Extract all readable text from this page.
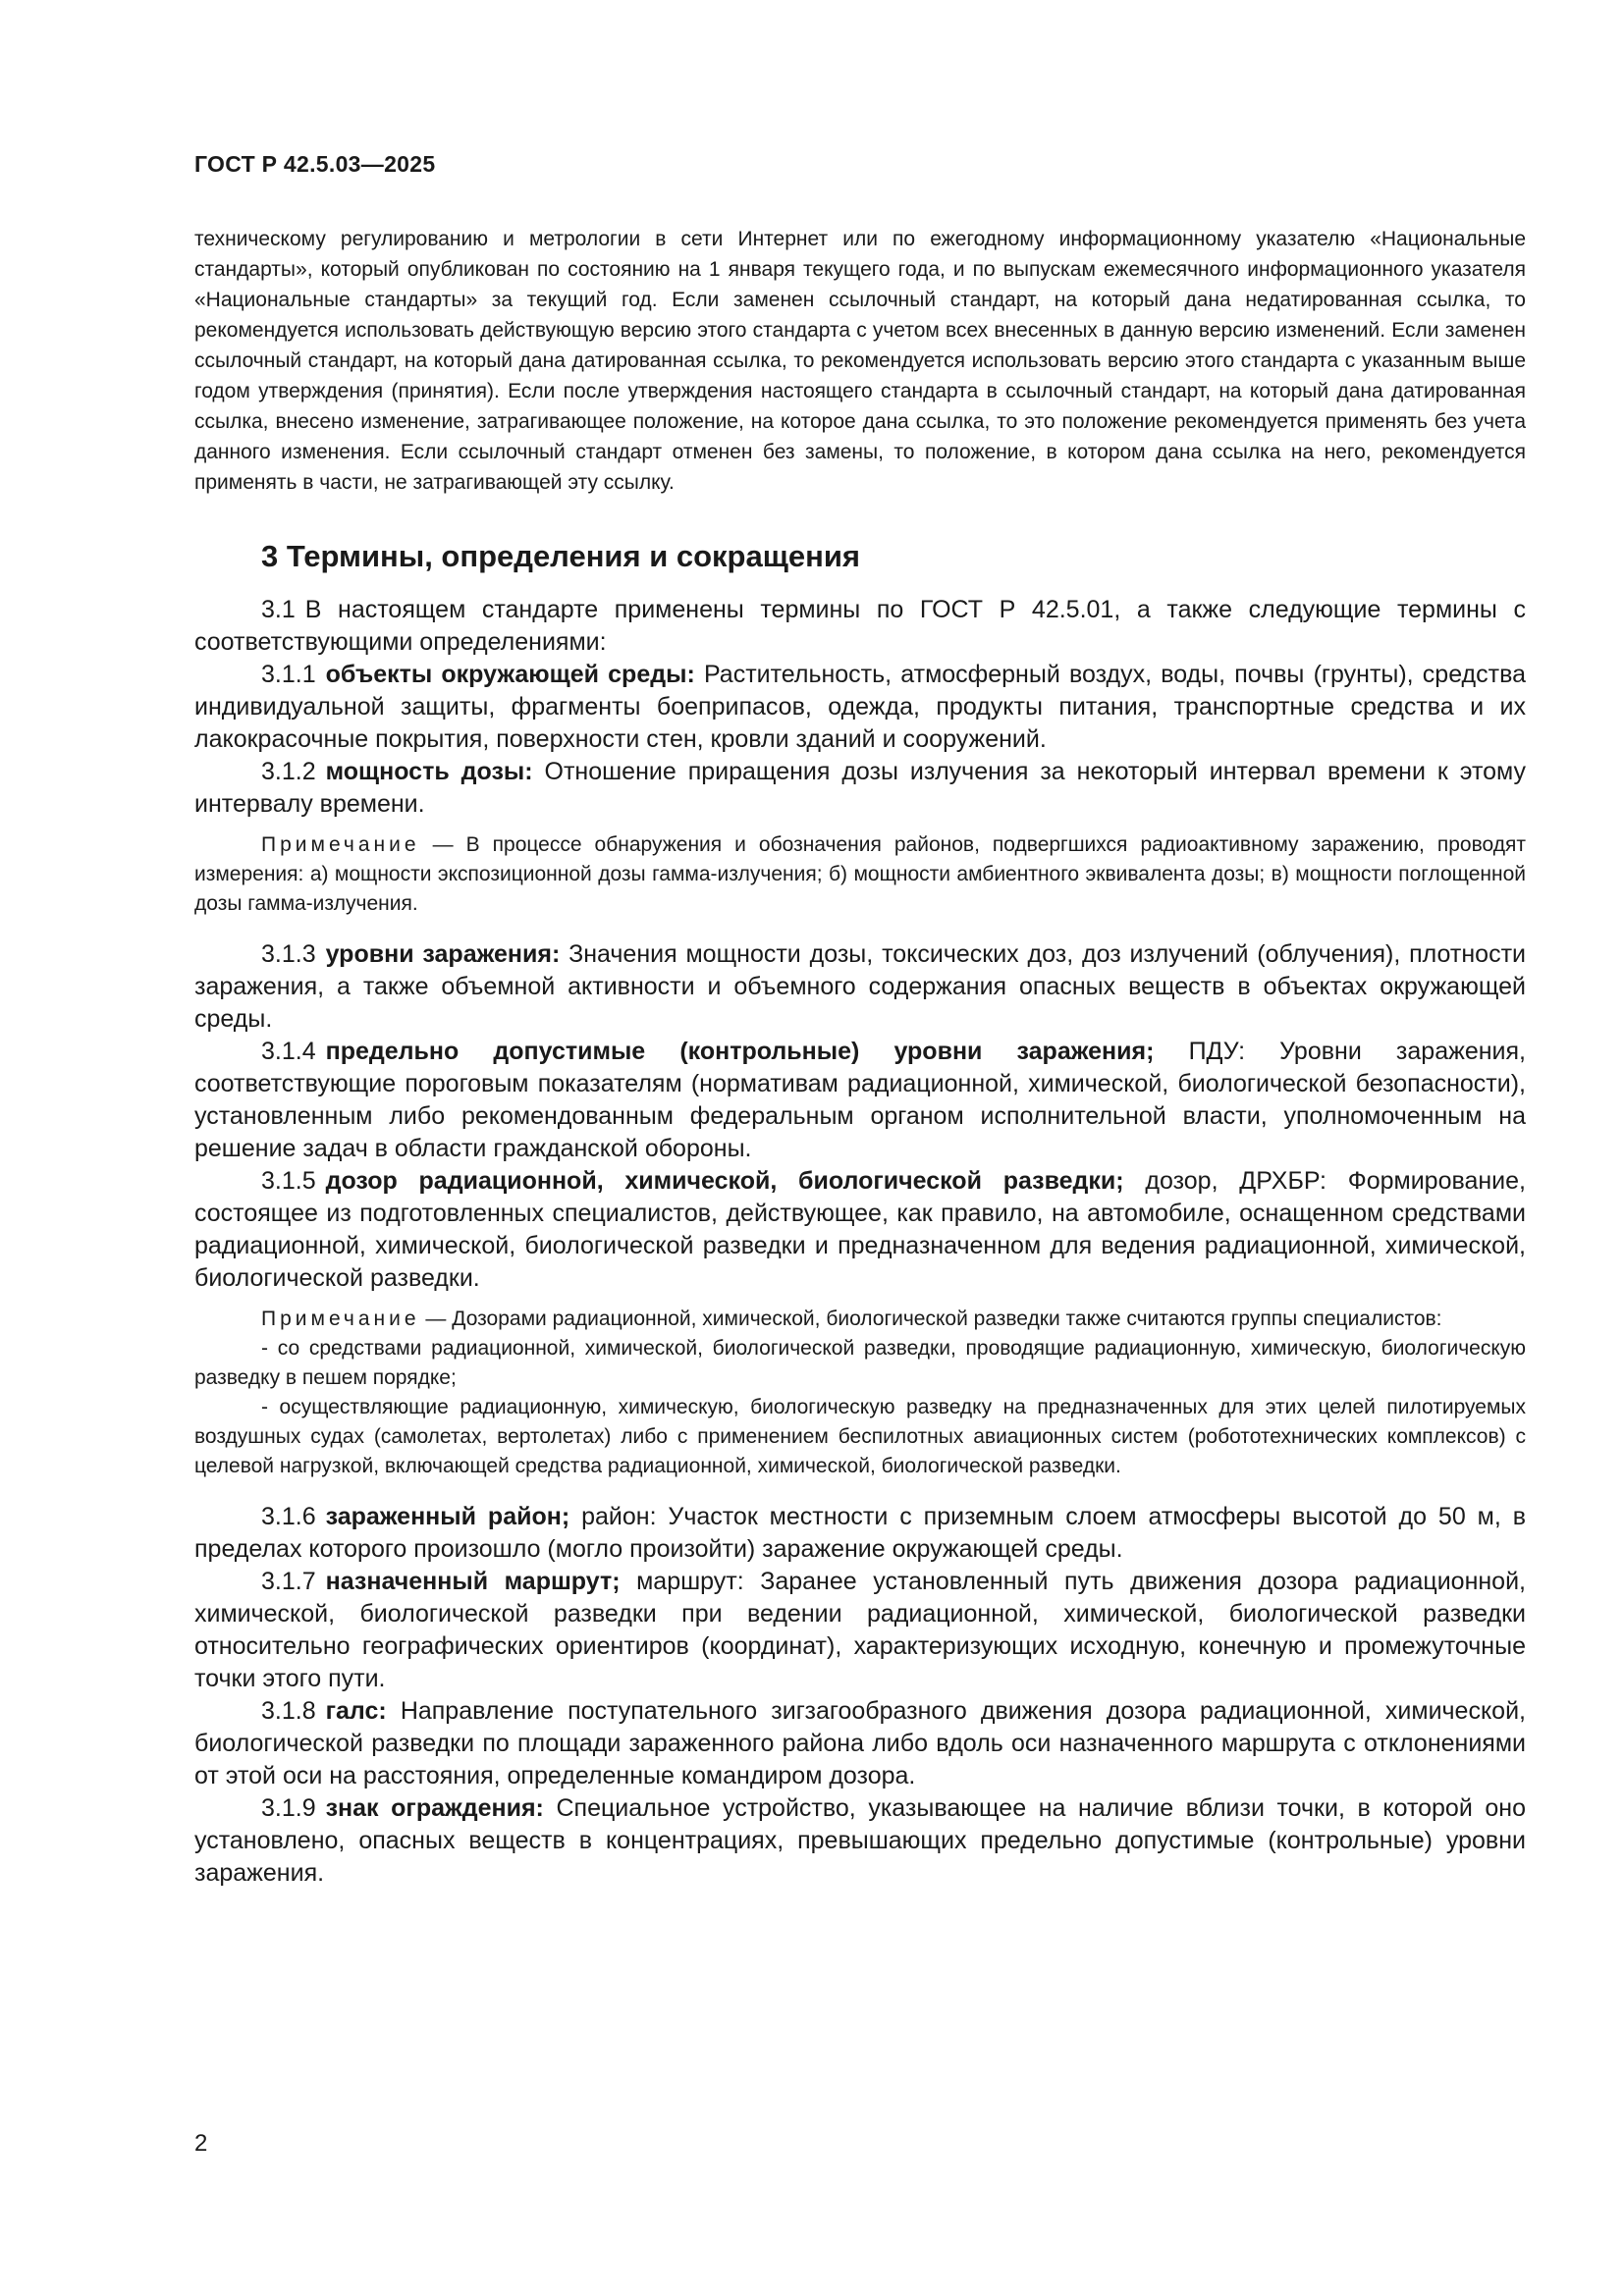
ГОСТ Р 42.5.03—2025

техническому регулированию и метрологии в сети Интернет или по ежегодному информационному указателю «Национальные стандарты», который опубликован по состоянию на 1 января текущего года, и по выпускам ежемесячного информационного указателя «Национальные стандарты» за текущий год. Если заменен ссылочный стандарт, на который дана недатированная ссылка, то рекомендуется использовать действующую версию этого стандарта с учетом всех внесенных в данную версию изменений. Если заменен ссылочный стандарт, на который дана датированная ссылка, то рекомендуется использовать версию этого стандарта с указанным выше годом утверждения (принятия). Если после утверждения настоящего стандарта в ссылочный стандарт, на который дана датированная ссылка, внесено изменение, затрагивающее положение, на которое дана ссылка, то это положение рекомендуется применять без учета данного изменения. Если ссылочный стандарт отменен без замены, то положение, в котором дана ссылка на него, рекомендуется применять в части, не затрагивающей эту ссылку.

3 Термины, определения и сокращения

3.1 В настоящем стандарте применены термины по ГОСТ Р 42.5.01, а также следующие термины с соответствующими определениями:

3.1.1 объекты окружающей среды: Растительность, атмосферный воздух, воды, почвы (грунты), средства индивидуальной защиты, фрагменты боеприпасов, одежда, продукты питания, транспортные средства и их лакокрасочные покрытия, поверхности стен, кровли зданий и сооружений.

3.1.2 мощность дозы: Отношение приращения дозы излучения за некоторый интервал времени к этому интервалу времени.

Примечание — В процессе обнаружения и обозначения районов, подвергшихся радиоактивному заражению, проводят измерения: а) мощности экспозиционной дозы гамма-излучения; б) мощности амбиентного эквивалента дозы; в) мощности поглощенной дозы гамма-излучения.

3.1.3 уровни заражения: Значения мощности дозы, токсических доз, доз излучений (облучения), плотности заражения, а также объемной активности и объемного содержания опасных веществ в объектах окружающей среды.

3.1.4 предельно допустимые (контрольные) уровни заражения; ПДУ: Уровни заражения, соответствующие пороговым показателям (нормативам радиационной, химической, биологической безопасности), установленным либо рекомендованным федеральным органом исполнительной власти, уполномоченным на решение задач в области гражданской обороны.

3.1.5 дозор радиационной, химической, биологической разведки; дозор, ДРХБР: Формирование, состоящее из подготовленных специалистов, действующее, как правило, на автомобиле, оснащенном средствами радиационной, химической, биологической разведки и предназначенном для ведения радиационной, химической, биологической разведки.

Примечание — Дозорами радиационной, химической, биологической разведки также считаются группы специалистов:

- со средствами радиационной, химической, биологической разведки, проводящие радиационную, химическую, биологическую разведку в пешем порядке;

- осуществляющие радиационную, химическую, биологическую разведку на предназначенных для этих целей пилотируемых воздушных судах (самолетах, вертолетах) либо с применением беспилотных авиационных систем (робототехнических комплексов) с целевой нагрузкой, включающей средства радиационной, химической, биологической разведки.

3.1.6 зараженный район; район: Участок местности с приземным слоем атмосферы высотой до 50 м, в пределах которого произошло (могло произойти) заражение окружающей среды.

3.1.7 назначенный маршрут; маршрут: Заранее установленный путь движения дозора радиационной, химической, биологической разведки при ведении радиационной, химической, биологической разведки относительно географических ориентиров (координат), характеризующих исходную, конечную и промежуточные точки этого пути.

3.1.8 галс: Направление поступательного зигзагообразного движения дозора радиационной, химической, биологической разведки по площади зараженного района либо вдоль оси назначенного маршрута с отклонениями от этой оси на расстояния, определенные командиром дозора.

3.1.9 знак ограждения: Специальное устройство, указывающее на наличие вблизи точки, в которой оно установлено, опасных веществ в концентрациях, превышающих предельно допустимые (контрольные) уровни заражения.

2
